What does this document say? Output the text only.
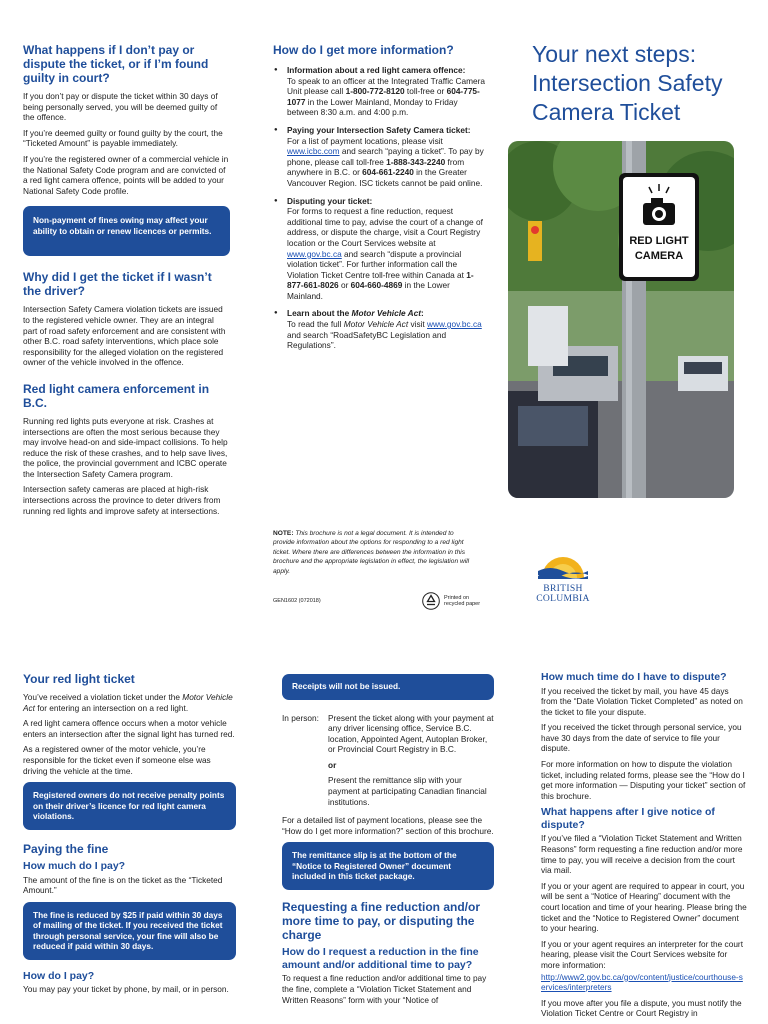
What happens if I don’t pay or dispute the ticket, or if I’m found guilty in court?

If you don’t pay or dispute the ticket within 30 days of being personally served, you will be deemed guilty of the offence.

If you’re deemed guilty or found guilty by the court, the “Ticketed Amount” is payable immediately.

If you’re the registered owner of a commercial vehicle in the National Safety Code program and are convicted of a red light camera offence, points will be added to your National Safety Code profile.

Non-payment of fines owing may affect your ability to obtain or renew licences or permits.
Why did I get the ticket if I wasn’t the driver?

Intersection Safety Camera violation tickets are issued to the registered vehicle owner. They are an integral part of road safety enforcement and are consistent with other B.C. road safety interventions, which place sole responsibility for the alleged violation on the registered owner of the vehicle involved in the offence.

Red light camera enforcement in B.C.

Running red lights puts everyone at risk. Crashes at intersections are often the most serious because they may involve head-on and side-impact collisions. To help reduce the risk of these crashes, and to help save lives, the police, the provincial government and ICBC operate the Intersection Safety Camera program.

Intersection safety cameras are placed at high-risk intersections across the province to deter drivers from running red lights and improve safety at intersections.

How do I get more information?
● Information about a red light camera offence:
To speak to an officer at the Integrated Traffic Camera Unit please call 1-800-772-8120 toll-free or 604-775-1077 in the Lower Mainland, Monday to Friday between 8:30 a.m. and 4:00 p.m.
● Paying your Intersection Safety Camera ticket:
For a list of payment locations, please visit www.icbc.com and search “paying a ticket”. To pay by phone, please call toll-free 1-888-343-2240 from anywhere in B.C. or 604-661-2240 in the Greater Vancouver Region. ISC tickets cannot be paid online.
● Disputing your ticket:
For forms to request a fine reduction, request additional time to pay, advise the court of a change of address, or dispute the charge, visit a Court Registry location or the Court Services website at www.gov.bc.ca and search “dispute a provincial violation ticket”. For further information call the Violation Ticket Centre toll-free within Canada at 1-877-661-8026 or 604-660-4869 in the Lower Mainland.
● Learn about the Motor Vehicle Act:
To read the full Motor Vehicle Act visit www.gov.bc.ca and search “RoadSafetyBC Legislation and Regulations”.
NOTE: This brochure is not a legal document. It is intended to provide information about the options for responding to a red light ticket. Where there are differences between the information in this brochure and the appropriate legislation in effect, the legislation will apply.
GEN1602 (072018)	Printed on recycled paper
Your next steps: Intersection Safety Camera Ticket
RED LIGHT
CAMERA
BRITISH
COLUMBIA
Your red light ticket

You’ve received a violation ticket under the Motor Vehicle Act for entering an intersection on a red light.

A red light camera offence occurs when a motor vehicle enters an intersection after the signal light has turned red.

As a registered owner of the motor vehicle, you’re responsible for the ticket even if someone else was driving the vehicle at the time.

Registered owners do not receive penalty points on their driver’s licence for red light camera violations.
Paying the fine
How much do I pay?

The amount of the fine is on the ticket as the “Ticketed Amount.”

The fine is reduced by $25 if paid within 30 days of mailing of the ticket. If you received the ticket through personal service, your fine will also be reduced if paid within 30 days.
How do I pay?

You may pay your ticket by phone, by mail, or in person.

Receipts will not be issued.
In person:	Present the ticket along with your payment at any driver licensing office, Service B.C. location, Appointed Agent, Autoplan Broker, or Provincial Court Registry in B.C.
or

Present the remittance slip with your payment at participating Canadian financial institutions.

For a detailed list of payment locations, please see the “How do I get more information?” section of this brochure.

The remittance slip is at the bottom of the “Notice to Registered Owner” document included in this ticket package.
Requesting a fine reduction and/or more time to pay, or disputing the charge
How do I request a reduction in the fine amount and/or additional time to pay?

To request a fine reduction and/or additional time to pay the fine, complete a “Violation Ticket Statement and Written Reasons” form with your “Notice of

How much time do I have to dispute?

If you received the ticket by mail, you have 45 days from the “Date Violation Ticket Completed” as noted on the ticket to file your dispute.

If you received the ticket through personal service, you have 30 days from the date of service to file your dispute.

For more information on how to dispute the violation ticket, including related forms, please see the “How do I get more information — Disputing your ticket” section of this brochure.

What happens after I give notice of dispute?

If you’ve filed a “Violation Ticket Statement and Written Reasons” form requesting a fine reduction and/or more time to pay, you will receive a decision from the court via mail.

If you or your agent are required to appear in court, you will be sent a “Notice of Hearing” document with the court location and time of your hearing. Please bring the ticket and the “Notice to Registered Owner” document to your hearing.

If you or your agent requires an interpreter for the court hearing, please visit the Court Services website for more information:

http://www2.gov.bc.ca/gov/content/justice/courthouse-services/interpreters

If you move after you file a dispute, you must notify the Violation Ticket Centre or Court Registry in
